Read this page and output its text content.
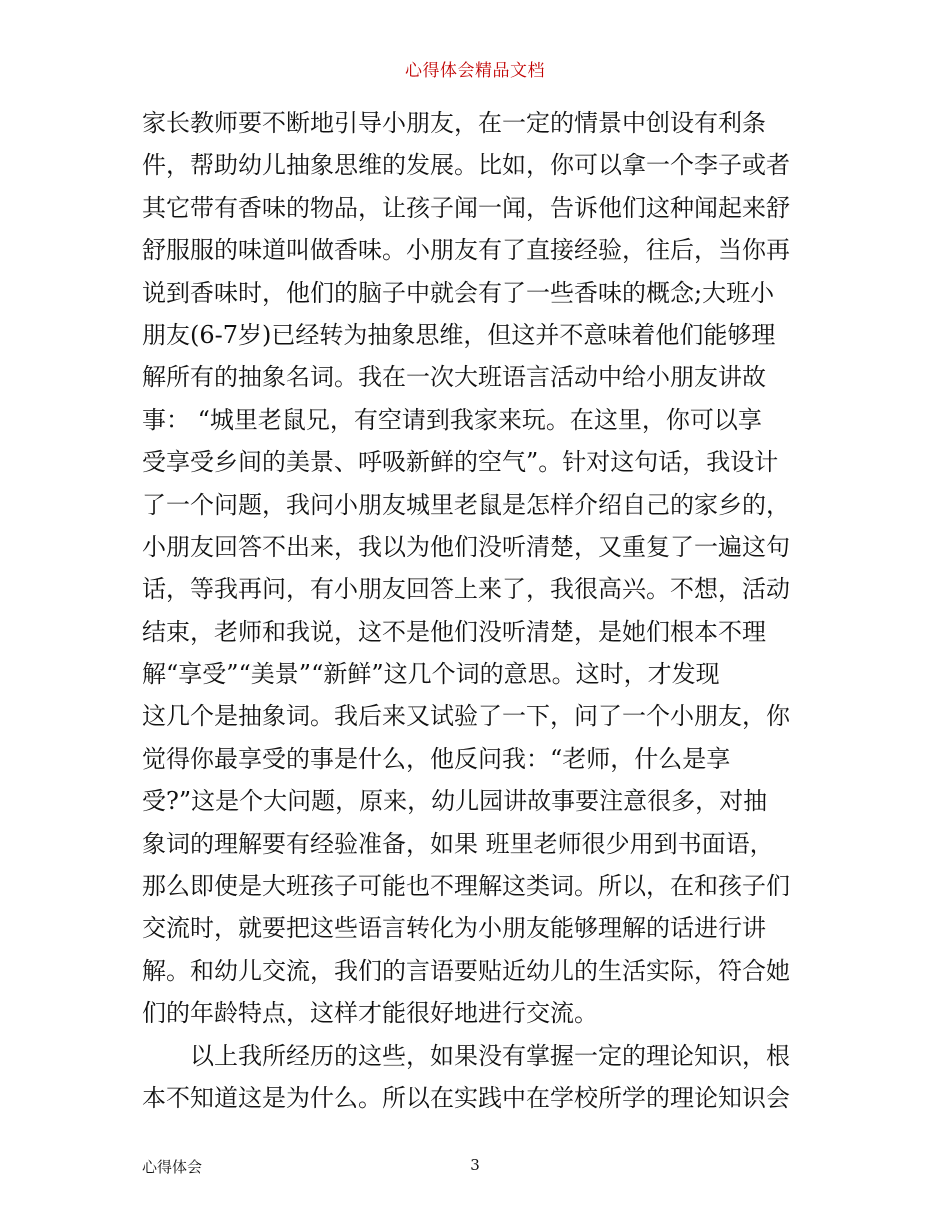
心得体会精品文档
家长教师要不断地引导小朋友，在一定的情景中创设有利条
件，帮助幼儿抽象思维的发展。比如，你可以拿一个李子或者
其它带有香味的物品，让孩子闻一闻，告诉他们这种闻起来舒
舒服服的味道叫做香味。小朋友有了直接经验，往后，当你再
说到香味时，他们的脑子中就会有了一些香味的概念;大班小
朋友(6-7岁)已经转为抽象思维，但这并不意味着他们能够理
解所有的抽象名词。我在一次大班语言活动中给小朋友讲故
事： “城里老鼠兄，有空请到我家来玩。在这里，你可以享
受享受乡间的美景、呼吸新鲜的空气”。针对这句话，我设计
了一个问题，我问小朋友城里老鼠是怎样介绍自己的家乡的，
小朋友回答不出来，我以为他们没听清楚，又重复了一遍这句
话，等我再问，有小朋友回答上来了，我很高兴。不想，活动
结束，老师和我说，这不是他们没听清楚，是她们根本不理
解“享受”“美景”“新鲜”这几个词的意思。这时，才发现
这几个是抽象词。我后来又试验了一下，问了一个小朋友，你
觉得你最享受的事是什么，他反问我：“老师，什么是享
受?”这是个大问题，原来，幼儿园讲故事要注意很多，对抽
象词的理解要有经验准备，如果 班里老师很少用到书面语，
那么即使是大班孩子可能也不理解这类词。所以，在和孩子们
交流时，就要把这些语言转化为小朋友能够理解的话进行讲
解。和幼儿交流，我们的言语要贴近幼儿的生活实际，符合她
们的年龄特点，这样才能很好地进行交流。
以上我所经历的这些，如果没有掌握一定的理论知识，根
本不知道这是为什么。所以在实践中在学校所学的理论知识会
心得体会	3
